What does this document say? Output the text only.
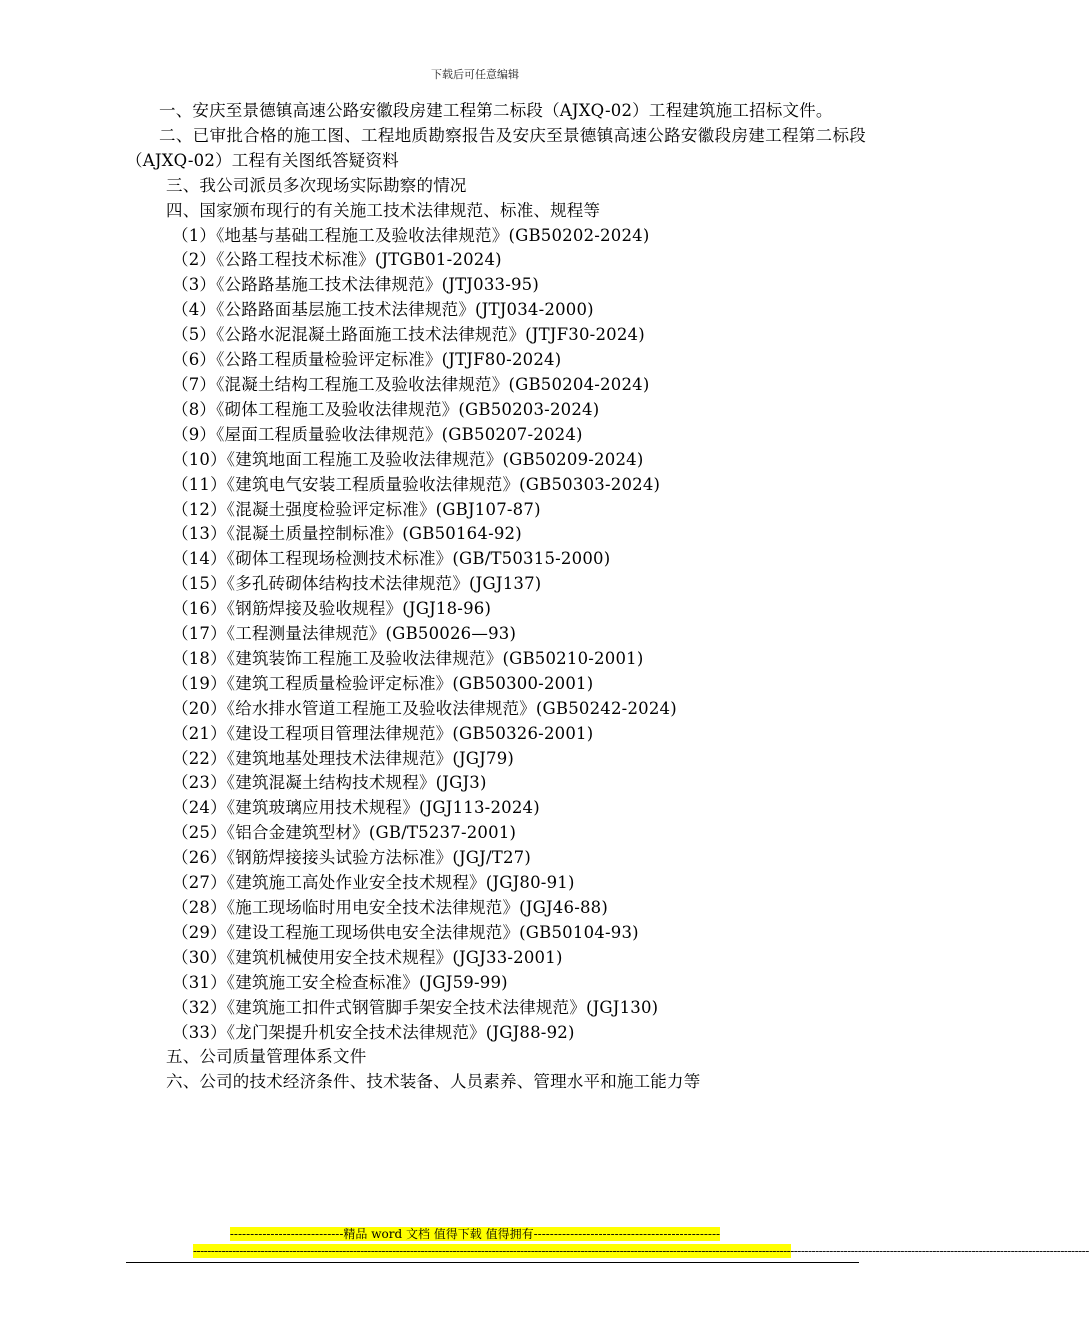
下载后可任意编辑

一、安庆至景德镇高速公路安徽段房建工程第二标段（AJXQ-02）工程建筑施工招标文件。

二、已审批合格的施工图、工程地质勘察报告及安庆至景德镇高速公路安徽段房建工程第二标段（AJXQ-02）工程有关图纸答疑资料

三、我公司派员多次现场实际勘察的情况

四、国家颁布现行的有关施工技术法律规范、标准、规程等

（1）《地基与基础工程施工及验收法律规范》(GB50202-2024)

（2）《公路工程技术标准》(JTGB01-2024)

（3）《公路路基施工技术法律规范》(JTJ033-95)

（4）《公路路面基层施工技术法律规范》(JTJ034-2000)

（5）《公路水泥混凝土路面施工技术法律规范》(JTJF30-2024)

（6）《公路工程质量检验评定标准》(JTJF80-2024)

（7）《混凝土结构工程施工及验收法律规范》(GB50204-2024)

（8）《砌体工程施工及验收法律规范》(GB50203-2024)

（9）《屋面工程质量验收法律规范》(GB50207-2024)

（10）《建筑地面工程施工及验收法律规范》(GB50209-2024)

（11）《建筑电气安装工程质量验收法律规范》(GB50303-2024)

（12）《混凝土强度检验评定标准》(GBJ107-87)

（13）《混凝土质量控制标准》(GB50164-92)

（14）《砌体工程现场检测技术标准》(GB/T50315-2000)

（15）《多孔砖砌体结构技术法律规范》(JGJ137)

（16）《钢筋焊接及验收规程》(JGJ18-96)

（17）《工程测量法律规范》(GB50026—93)

（18）《建筑装饰工程施工及验收法律规范》(GB50210-2001)

（19）《建筑工程质量检验评定标准》(GB50300-2001)

（20）《给水排水管道工程施工及验收法律规范》(GB50242-2024)

（21）《建设工程项目管理法律规范》(GB50326-2001)

（22）《建筑地基处理技术法律规范》(JGJ79)

（23）《建筑混凝土结构技术规程》(JGJ3)

（24）《建筑玻璃应用技术规程》(JGJ113-2024)

（25）《铝合金建筑型材》(GB/T5237-2001)

（26）《钢筋焊接接头试验方法标准》(JGJ/T27)

（27）《建筑施工高处作业安全技术规程》(JGJ80-91)

（28）《施工现场临时用电安全技术法律规范》(JGJ46-88)

（29）《建设工程施工现场供电安全法律规范》(GB50104-93)

（30）《建筑机械使用安全技术规程》(JGJ33-2001)

（31）《建筑施工安全检查标准》(JGJ59-99)

（32）《建筑施工扣件式钢管脚手架安全技术法律规范》(JGJ130)

（33）《龙门架提升机安全技术法律规范》(JGJ88-92)

五、公司质量管理体系文件

六、公司的技术经济条件、技术装备、人员素养、管理水平和施工能力等

----------------------------精品 word 文档 值得下载 值得拥有----------------------------------------------
------------------------------------------------------------------------------------------------------------------------------------------------------------------------------------------------------------------------------------------------------------
